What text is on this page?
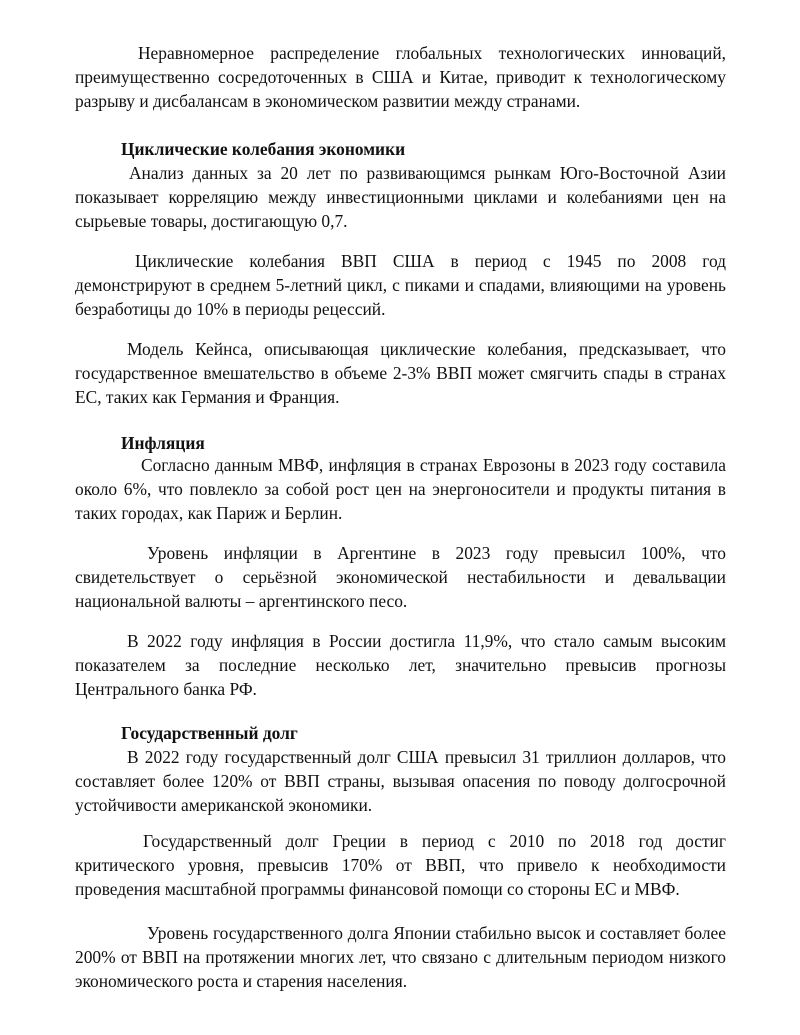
Неравномерное распределение глобальных технологических инноваций, преимущественно сосредоточенных в США и Китае, приводит к технологическому разрыву и дисбалансам в экономическом развитии между странами.

Циклические колебания экономики

Анализ данных за 20 лет по развивающимся рынкам Юго-Восточной Азии показывает корреляцию между инвестиционными циклами и колебаниями цен на сырьевые товары, достигающую 0,7.

Циклические колебания ВВП США в период с 1945 по 2008 год демонстрируют в среднем 5-летний цикл, с пиками и спадами, влияющими на уровень безработицы до 10% в периоды рецессий.

Модель Кейнса, описывающая циклические колебания, предсказывает, что государственное вмешательство в объеме 2-3% ВВП может смягчить спады в странах ЕС, таких как Германия и Франция.

Инфляция

Согласно данным МВФ, инфляция в странах Еврозоны в 2023 году составила около 6%, что повлекло за собой рост цен на энергоносители и продукты питания в таких городах, как Париж и Берлин.

Уровень инфляции в Аргентине в 2023 году превысил 100%, что свидетельствует о серьёзной экономической нестабильности и девальвации национальной валюты – аргентинского песо.

В 2022 году инфляция в России достигла 11,9%, что стало самым высоким показателем за последние несколько лет, значительно превысив прогнозы Центрального банка РФ.

Государственный долг

В 2022 году государственный долг США превысил 31 триллион долларов, что составляет более 120% от ВВП страны, вызывая опасения по поводу долгосрочной устойчивости американской экономики.

Государственный долг Греции в период с 2010 по 2018 год достиг критического уровня, превысив 170% от ВВП, что привело к необходимости проведения масштабной программы финансовой помощи со стороны ЕС и МВФ.

Уровень государственного долга Японии стабильно высок и составляет более 200% от ВВП на протяжении многих лет, что связано с длительным периодом низкого экономического роста и старения населения.
